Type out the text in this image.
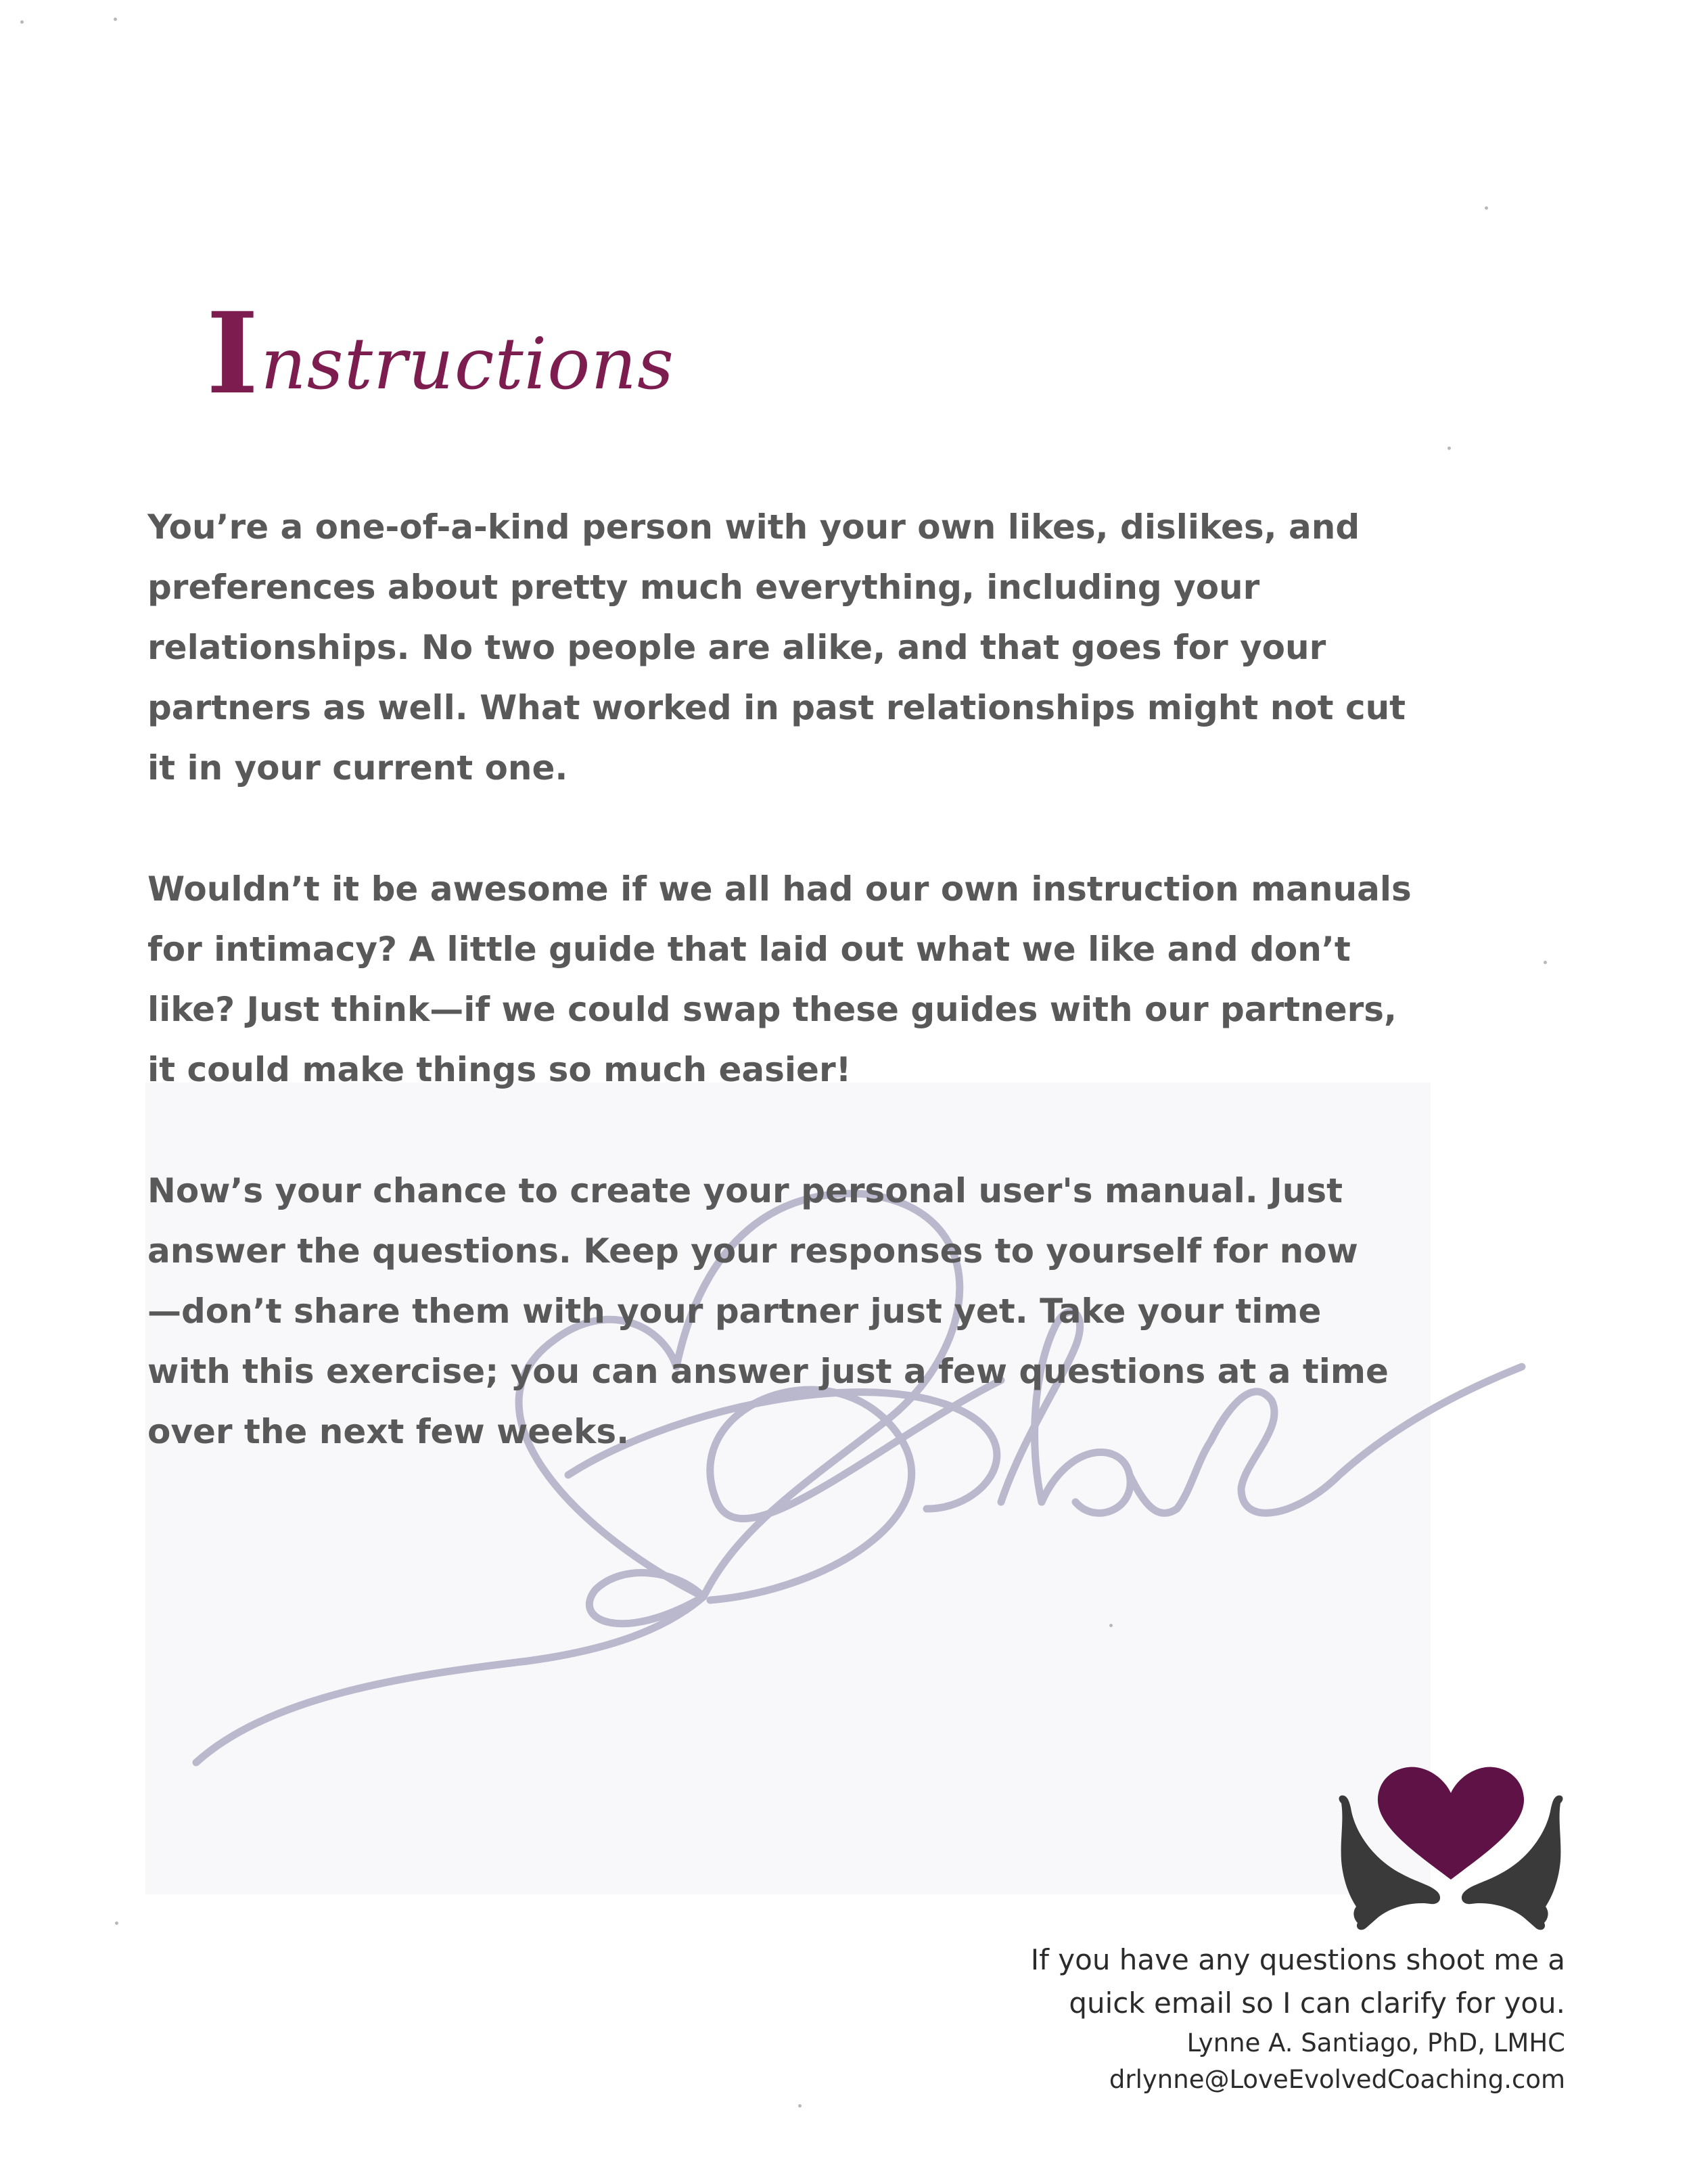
Instructions

You’re a one-of-a-kind person with your own likes, dislikes, and
preferences about pretty much everything, including your
relationships. No two people are alike, and that goes for your
partners as well. What worked in past relationships might not cut
it in your current one.

Wouldn’t it be awesome if we all had our own instruction manuals
for intimacy? A little guide that laid out what we like and don’t
like? Just think—if we could swap these guides with our partners,
it could make things so much easier!

Now’s your chance to create your personal user's manual. Just
answer the questions. Keep your responses to yourself for now
—don’t share them with your partner just yet. Take your time
with this exercise; you can answer just a few questions at a time
over the next few weeks.

If you have any questions shoot me a
quick email so I can clarify for you.
Lynne A. Santiago, PhD, LMHC
drlynne@LoveEvolvedCoaching.com
